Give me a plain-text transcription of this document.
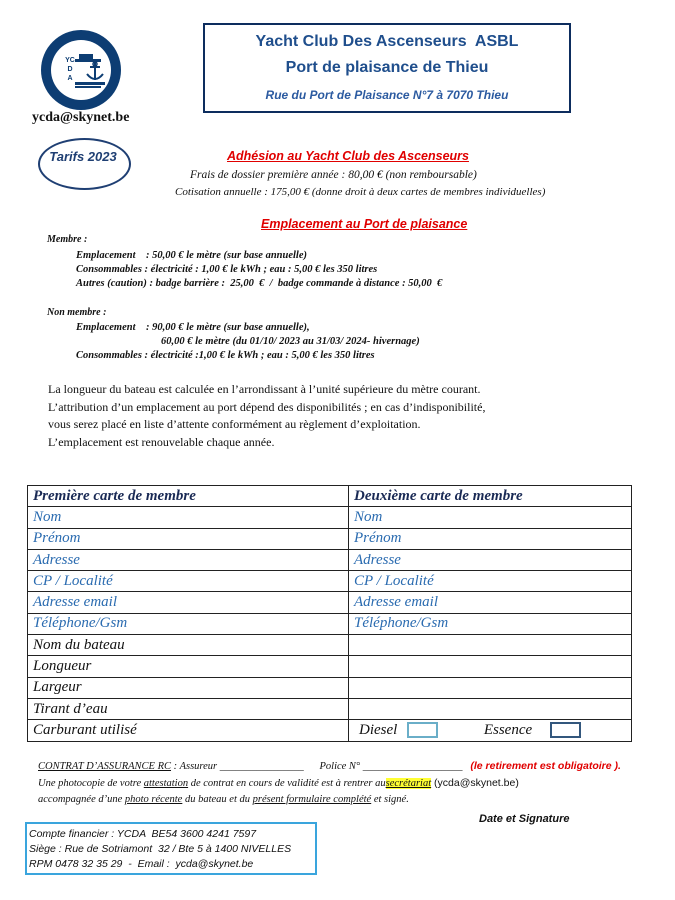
YCDA
ycda@skynet.be
Yacht Club Des Ascenseurs  ASBL
Port de plaisance de Thieu
Rue du Port de Plaisance N°7 à 7070 Thieu
Tarifs 2023	Adhésion au Yacht Club des Ascenseurs
Frais de dossier première année : 80,00 € (non remboursable)
Cotisation annuelle : 175,00 € (donne droit à deux cartes de membres individuelles)
Emplacement au Port de plaisance
Membre :
Emplacement    : 50,00 € le mètre (sur base annuelle)
Consommables : électricité : 1,00 € le kWh ; eau : 5,00 € les 350 litres
Autres (caution) : badge barrière :  25,00  €  /  badge commande à distance : 50,00  €
Non membre :
Emplacement    : 90,00 € le mètre (sur base annuelle),
60,00 € le mètre (du 01/10/ 2023 au 31/03/ 2024- hivernage)
Consommables : électricité :1,00 € le kWh ; eau : 5,00 € les 350 litres
La longueur du bateau est calculée en l’arrondissant à l’unité supérieure du mètre courant.
L’attribution d’un emplacement au port dépend des disponibilités ; en cas d’indisponibilité,
vous serez placé en liste d’attente conformément au règlement d’exploitation.
L’emplacement est renouvelable chaque année.
Première carte de membre	Deuxième carte de membre
Nom	Nom
Prénom	Prénom
Adresse	Adresse
CP / Localité	CP / Localité
Adresse email	Adresse email
Téléphone/Gsm	Téléphone/Gsm
Nom du bateau	
Longueur	
Largeur	
Tirant d’eau	
Carburant utilisé	Diesel Essence
CONTRAT D’ASSURANCE RC : Assureur ________________ Police N° ___________________ (le retirement est obligatoire ).
Une photocopie de votre attestation de contrat en cours de validité est à rentrer ausecrétariat (ycda@skynet.be)
accompagnée d’une photo récente du bateau et du présent formulaire complété et signé.
Date et Signature
Compte financier : YCDA  BE54 3600 4241 7597
Siège : Rue de Sotriamont  32 / Bte 5 à 1400 NIVELLES
RPM 0478 32 35 29  -  Email :  ycda@skynet.be
